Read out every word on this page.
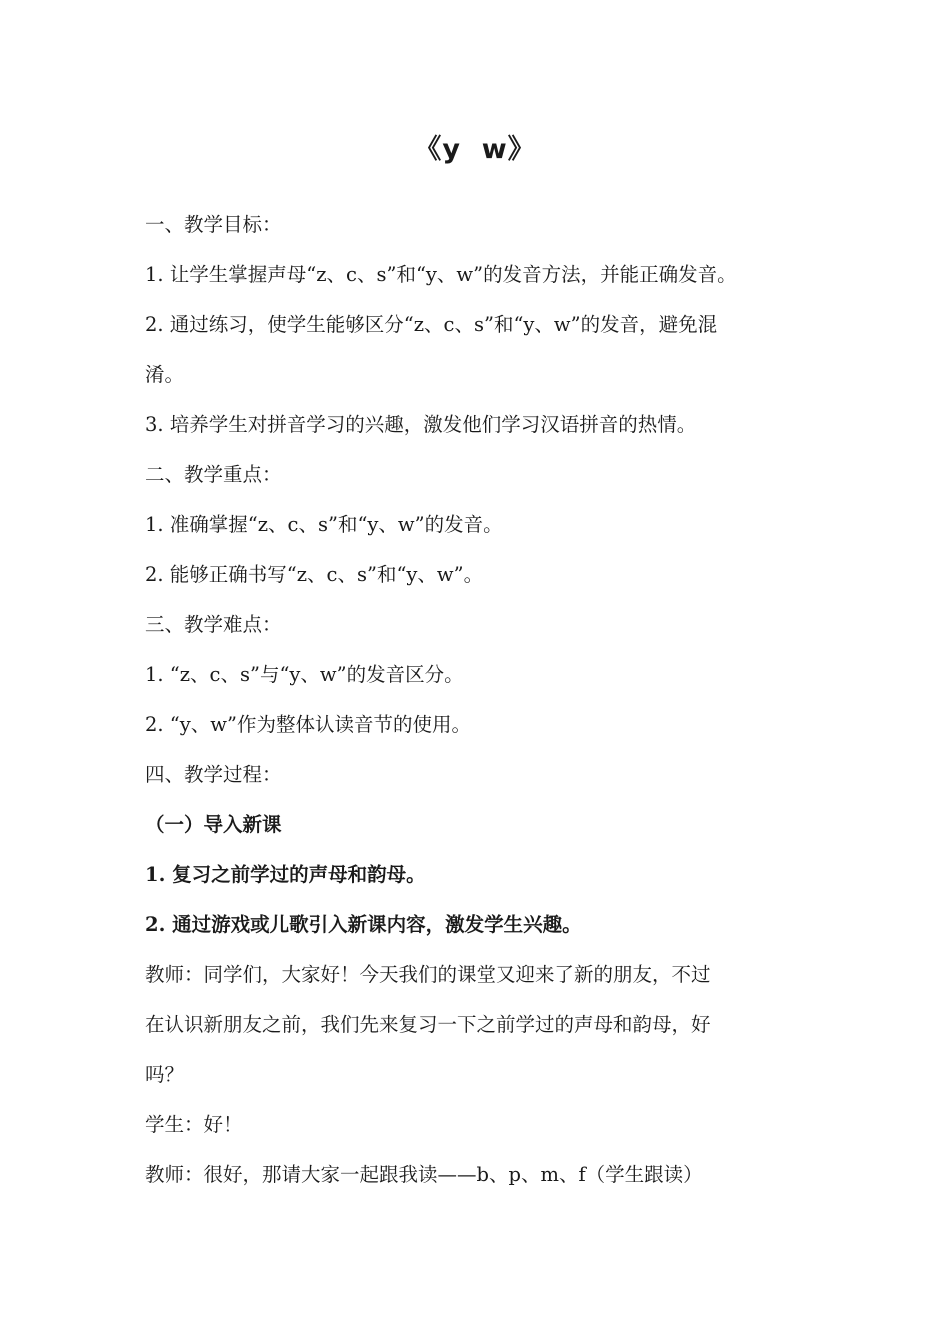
《y  w》

一、教学目标：

1. 让学生掌握声母“z、c、s”和“y、w”的发音方法，并能正确发音。

2. 通过练习，使学生能够区分“z、c、s”和“y、w”的发音，避免混

淆。

3. 培养学生对拼音学习的兴趣，激发他们学习汉语拼音的热情。

二、教学重点：

1. 准确掌握“z、c、s”和“y、w”的发音。

2. 能够正确书写“z、c、s”和“y、w”。

三、教学难点：

1. “z、c、s”与“y、w”的发音区分。

2. “y、w”作为整体认读音节的使用。

四、教学过程：

（一）导入新课

1. 复习之前学过的声母和韵母。

2. 通过游戏或儿歌引入新课内容，激发学生兴趣。

教师：同学们，大家好！今天我们的课堂又迎来了新的朋友，不过

在认识新朋友之前，我们先来复习一下之前学过的声母和韵母，好

吗？

学生：好！

教师：很好，那请大家一起跟我读——b、p、m、f（学生跟读）
